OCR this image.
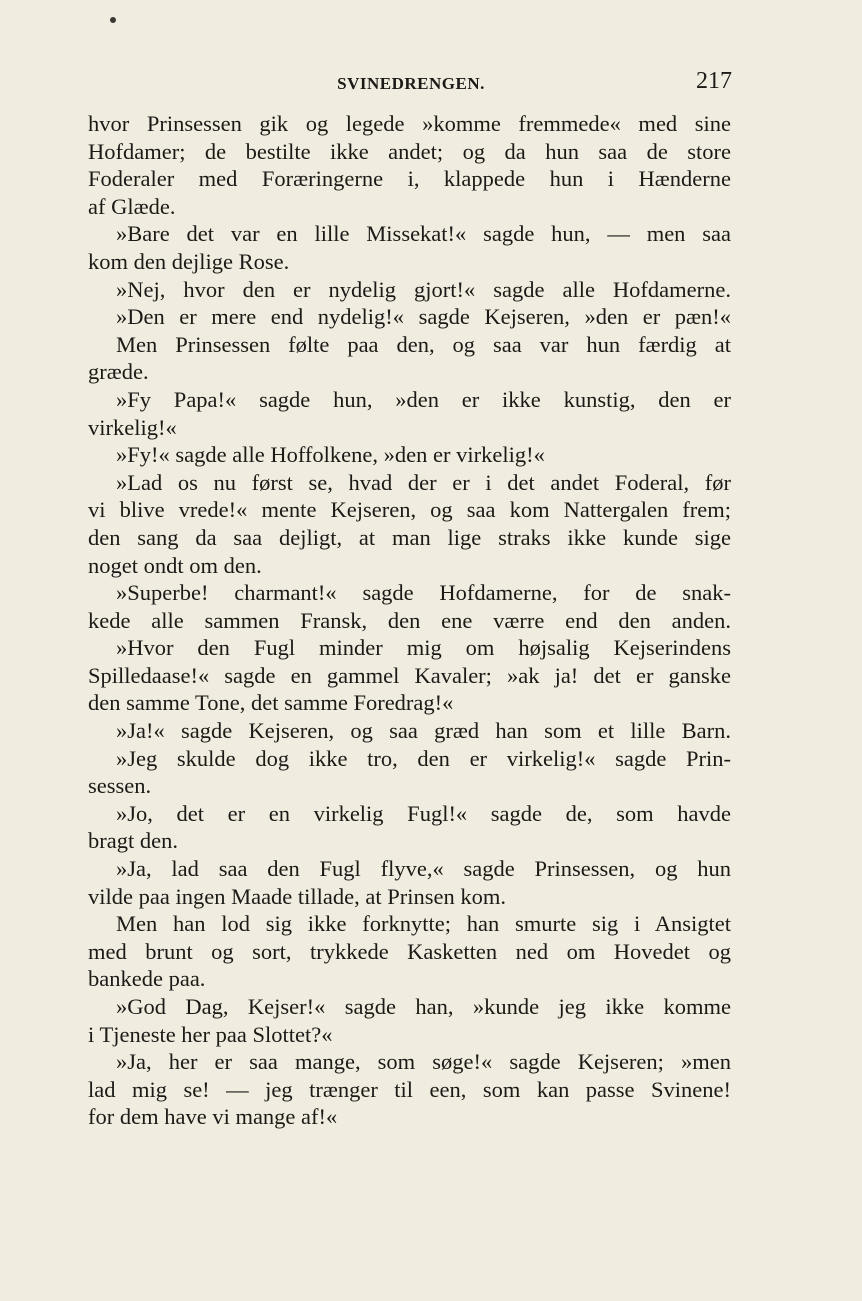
SVINEDRENGEN.	217
hvor Prinsessen gik og legede »komme fremmede« med sine
Hofdamer; de bestilte ikke andet; og da hun saa de store
Foderaler med Foræringerne i, klappede hun i Hænderne
af Glæde.
»Bare det var en lille Missekat!« sagde hun, — men saa
kom den dejlige Rose.
»Nej, hvor den er nydelig gjort!« sagde alle Hofdamerne.
»Den er mere end nydelig!« sagde Kejseren, »den er pæn!«
Men Prinsessen følte paa den, og saa var hun færdig at
græde.
»Fy Papa!« sagde hun, »den er ikke kunstig, den er
virkelig!«
»Fy!« sagde alle Hoffolkene, »den er virkelig!«
»Lad os nu først se, hvad der er i det andet Foderal, før
vi blive vrede!« mente Kejseren, og saa kom Nattergalen frem;
den sang da saa dejligt, at man lige straks ikke kunde sige
noget ondt om den.
»Superbe! charmant!« sagde Hofdamerne, for de snak-
kede alle sammen Fransk, den ene værre end den anden.
»Hvor den Fugl minder mig om højsalig Kejserindens
Spilledaase!« sagde en gammel Kavaler; »ak ja! det er ganske
den samme Tone, det samme Foredrag!«
»Ja!« sagde Kejseren, og saa græd han som et lille Barn.
»Jeg skulde dog ikke tro, den er virkelig!« sagde Prin-
sessen.
»Jo, det er en virkelig Fugl!« sagde de, som havde
bragt den.
»Ja, lad saa den Fugl flyve,« sagde Prinsessen, og hun
vilde paa ingen Maade tillade, at Prinsen kom.
Men han lod sig ikke forknytte; han smurte sig i Ansigtet
med brunt og sort, trykkede Kasketten ned om Hovedet og
bankede paa.
»God Dag, Kejser!« sagde han, »kunde jeg ikke komme
i Tjeneste her paa Slottet?«
»Ja, her er saa mange, som søge!« sagde Kejseren; »men
lad mig se! — jeg trænger til een, som kan passe Svinene!
for dem have vi mange af!«
